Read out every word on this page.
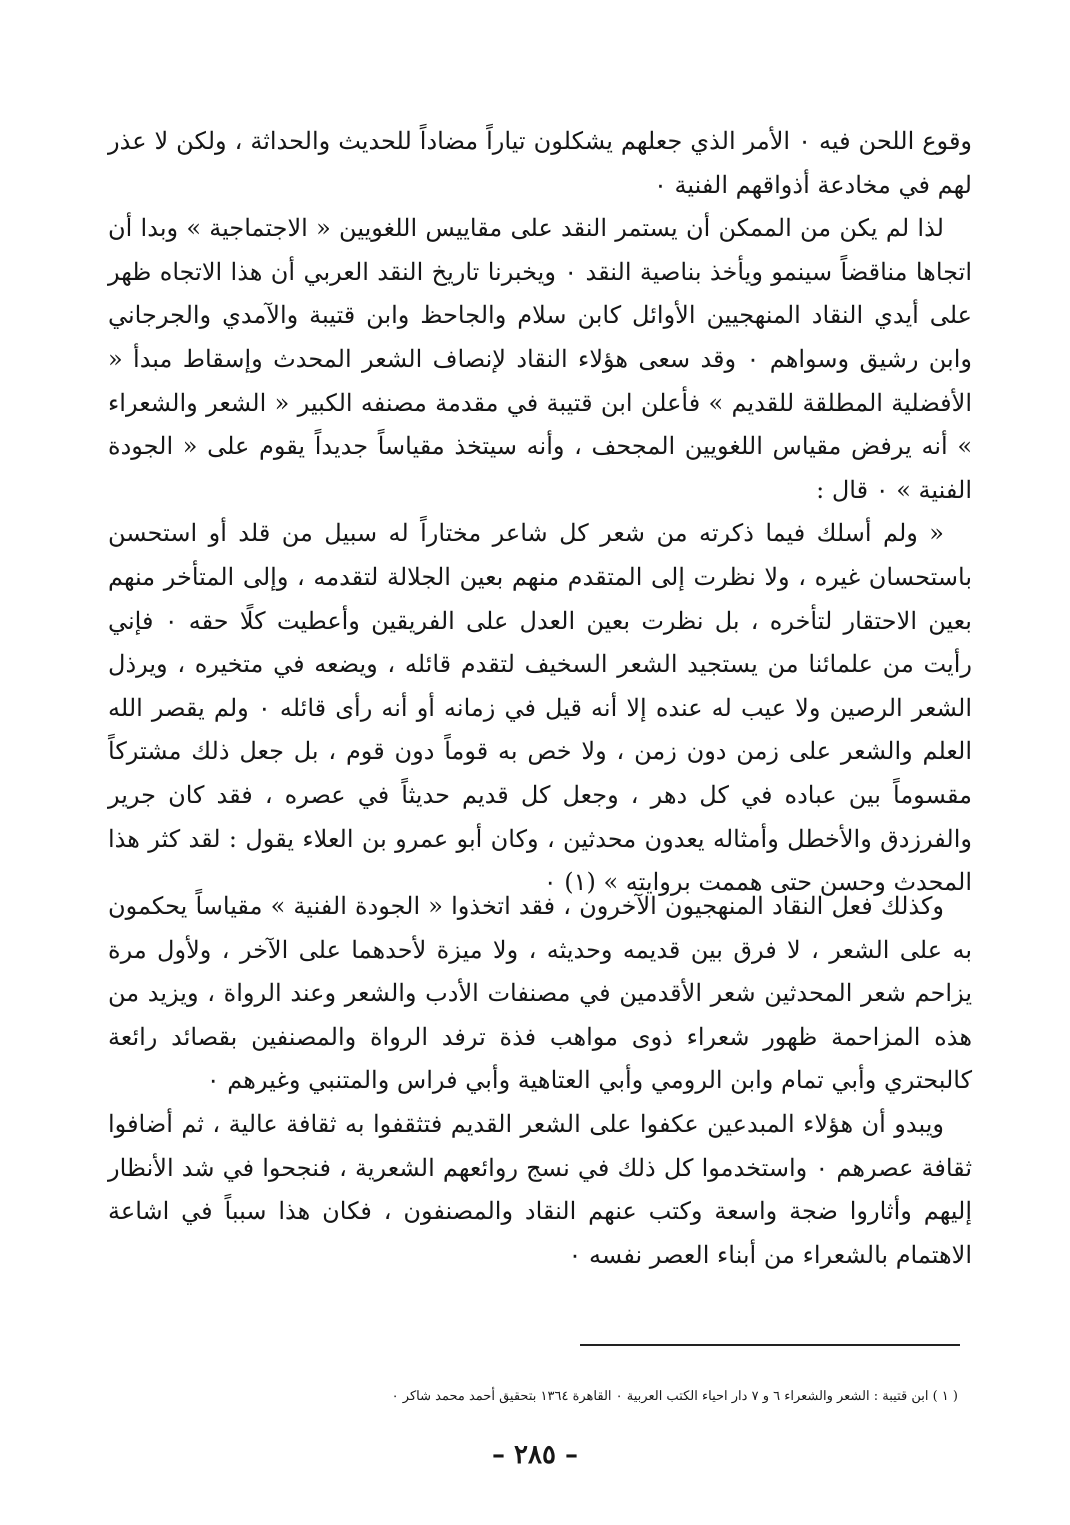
وقوع اللحن فيه ٠ الأمر الذي جعلهم يشكلون تياراً مضاداً للحديث والحداثة ، ولكن لا عذر لهم في مخادعة أذواقهم الفنية ٠

لذا لم يكن من الممكن أن يستمر النقد على مقاييس اللغويين « الاجتماجية » وبدا أن اتجاها مناقضاً سينمو ويأخذ بناصية النقد ٠ ويخبرنا تاريخ النقد العربي أن هذا الاتجاه ظهر على أيدي النقاد المنهجيين الأوائل كابن سلام والجاحظ وابن قتيبة والآمدي والجرجاني وابن رشيق وسواهم ٠ وقد سعى هؤلاء النقاد لإنصاف الشعر المحدث وإسقاط مبدأ « الأفضلية المطلقة للقديم » فأعلن ابن قتيبة في مقدمة مصنفه الكبير « الشعر والشعراء » أنه يرفض مقياس اللغويين المجحف ، وأنه سيتخذ مقياساً جديداً يقوم على « الجودة الفنية » ٠ قال :

« ولم أسلك فيما ذكرته من شعر كل شاعر مختاراً له سبيل من قلد أو استحسن باستحسان غيره ، ولا نظرت إلى المتقدم منهم بعين الجلالة لتقدمه ، وإلى المتأخر منهم بعين الاحتقار لتأخره ، بل نظرت بعين العدل على الفريقين وأعطيت كلًا حقه ٠ فإني رأيت من علمائنا من يستجيد الشعر السخيف لتقدم قائله ، ويضعه في متخيره ، ويرذل الشعر الرصين ولا عيب له عنده إلا أنه قيل في زمانه أو أنه رأى قائله ٠ ولم يقصر الله العلم والشعر على زمن دون زمن ، ولا خص به قوماً دون قوم ، بل جعل ذلك مشتركاً مقسوماً بين عباده في كل دهر ، وجعل كل قديم حديثاً في عصره ، فقد كان جرير والفرزدق والأخطل وأمثاله يعدون محدثين ، وكان أبو عمرو بن العلاء يقول : لقد كثر هذا المحدث وحسن حتى هممت بروايته » (١) ٠

وكذلك فعل النقاد المنهجيون الآخرون ، فقد اتخذوا « الجودة الفنية » مقياساً يحكمون به على الشعر ، لا فرق بين قديمه وحديثه ، ولا ميزة لأحدهما على الآخر ، ولأول مرة يزاحم شعر المحدثين شعر الأقدمين في مصنفات الأدب والشعر وعند الرواة ، ويزيد من هذه المزاحمة ظهور شعراء ذوى مواهب فذة ترفد الرواة والمصنفين بقصائد رائعة كالبحتري وأبي تمام وابن الرومي وأبي العتاهية وأبي فراس والمتنبي وغيرهم ٠

ويبدو أن هؤلاء المبدعين عكفوا على الشعر القديم فتثقفوا به ثقافة عالية ، ثم أضافوا ثقافة عصرهم ٠ واستخدموا كل ذلك في نسج روائعهم الشعرية ، فنجحوا في شد الأنظار إليهم وأثاروا ضجة واسعة وكتب عنهم النقاد والمصنفون ، فكان هذا سبباً في اشاعة الاهتمام بالشعراء من أبناء العصر نفسه ٠

( ١ ) ابن قتيبة : الشعر والشعراء ٦ و ٧ دار احياء الكتب العربية ٠ القاهرة ١٣٦٤ بتحقيق أحمد محمد شاكر ٠

– ٢٨٥ –
